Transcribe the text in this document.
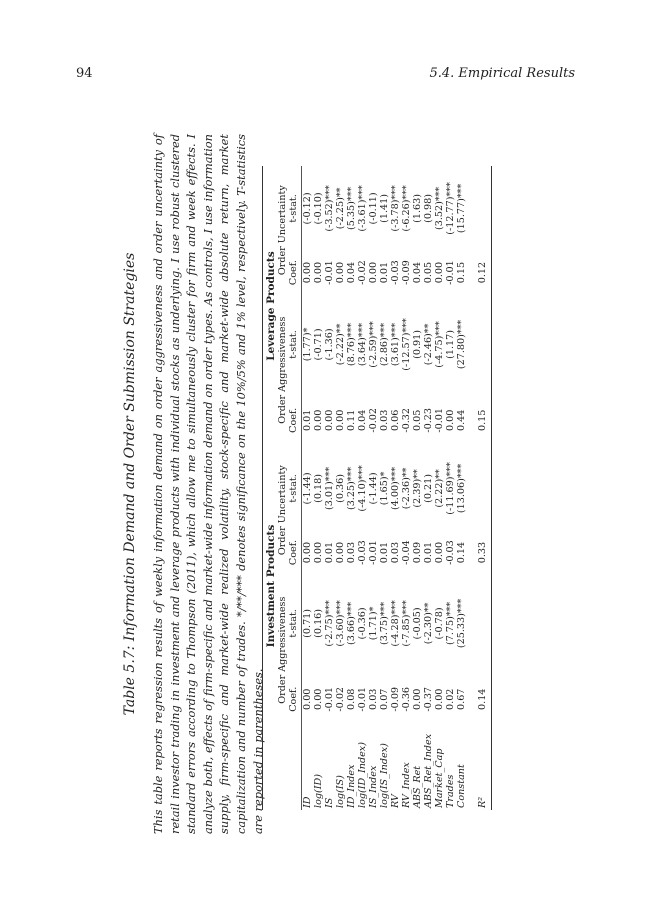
94	5.4. Empirical Results
Table 5.7: Information Demand and Order Submission Strategies This table reports regression results of weekly information demand on order aggressiveness and order uncertainty of retail investor trading in investment and leverage products with individual stocks as underlying. I use robust clustered standard errors according to Thompson (2011), which allow me to simultaneously cluster for firm and week effects. I analyze both, effects of firm-specific and market-wide information demand on order types. As controls, I use information supply, firm-specific and market-wide realized volatility, stock-specific and market-wide absolute return, market capitalization and number of trades. */**/*** denotes significance on the 10%/5% and 1% level, respectively. T-statistics are reported in parentheses.

	Investment Products				Leverage Products			
	Order Aggressiveness		Order Uncertainty		Order Aggressiveness		Order Uncertainty	
	Coef.	t-stat.	Coef.	t-stat.	Coef.	t-stat.	Coef.	t-stat.

ID	0.00	(0.71)	0.00	(-1.44)	0.01	(1.77)*	0.00	(-0.12)
log(ID)	0.00	(0.16)	0.00	(0.18)	0.00	(-0.71)	0.00	(-0.10)
IS	-0.01	(-2.75)***	0.01	(3.01)***	0.00	(-1.36)	-0.01	(-3.52)***
log(IS)	-0.02	(-3.60)***	0.00	(0.36)	0.00	(-2.22)**	0.00	(-2.25)**
ID_Index	0.08	(3.66)***	0.03	(3.25)***	0.11	(8.76)***	0.04	(5.35)***
log(ID_Index)	-0.01	(-0.36)	-0.03	(-4.10)***	0.04	(3.64)***	-0.02	(-3.61)***
IS_Index	0.03	(1.71)*	-0.01	(-1.44)	-0.02	(-2.59)***	0.00	(-0.11)
log(IS_Index)	0.07	(3.75)***	0.01	(1.65)*	0.03	(2.86)***	0.01	(1.41)
RV	-0.09	(-4.28)***	0.03	(4.00)***	0.06	(3.61)***	-0.03	(-3.78)***
RV_Index	-0.36	(-7.85)***	-0.04	(-2.36)**	-0.32	(-12.57)***	-0.09	(-6.26)***
ABS_Ret	0.00	(-0.05)	0.09	(2.39)**	0.05	(0.91)	0.04	(1.63)
ABS_Ret_Index	-0.37	(-2.30)**	0.01	(0.21)	-0.23	(-2.46)**	0.05	(0.98)
Market_Cap	0.00	(-0.78)	0.00	(2.22)**	-0.01	(-4.75)***	0.00	(3.52)***
Trades	0.02	(7.75)***	-0.03	(-11.69)***	0.00	(1.17)	-0.01	(-12.77)***
Constant	0.67	(25.33)***	0.14	(13.06)***	0.44	(27.80)***	0.15	(15.77)***

R²	0.14		0.33		0.15		0.12	
